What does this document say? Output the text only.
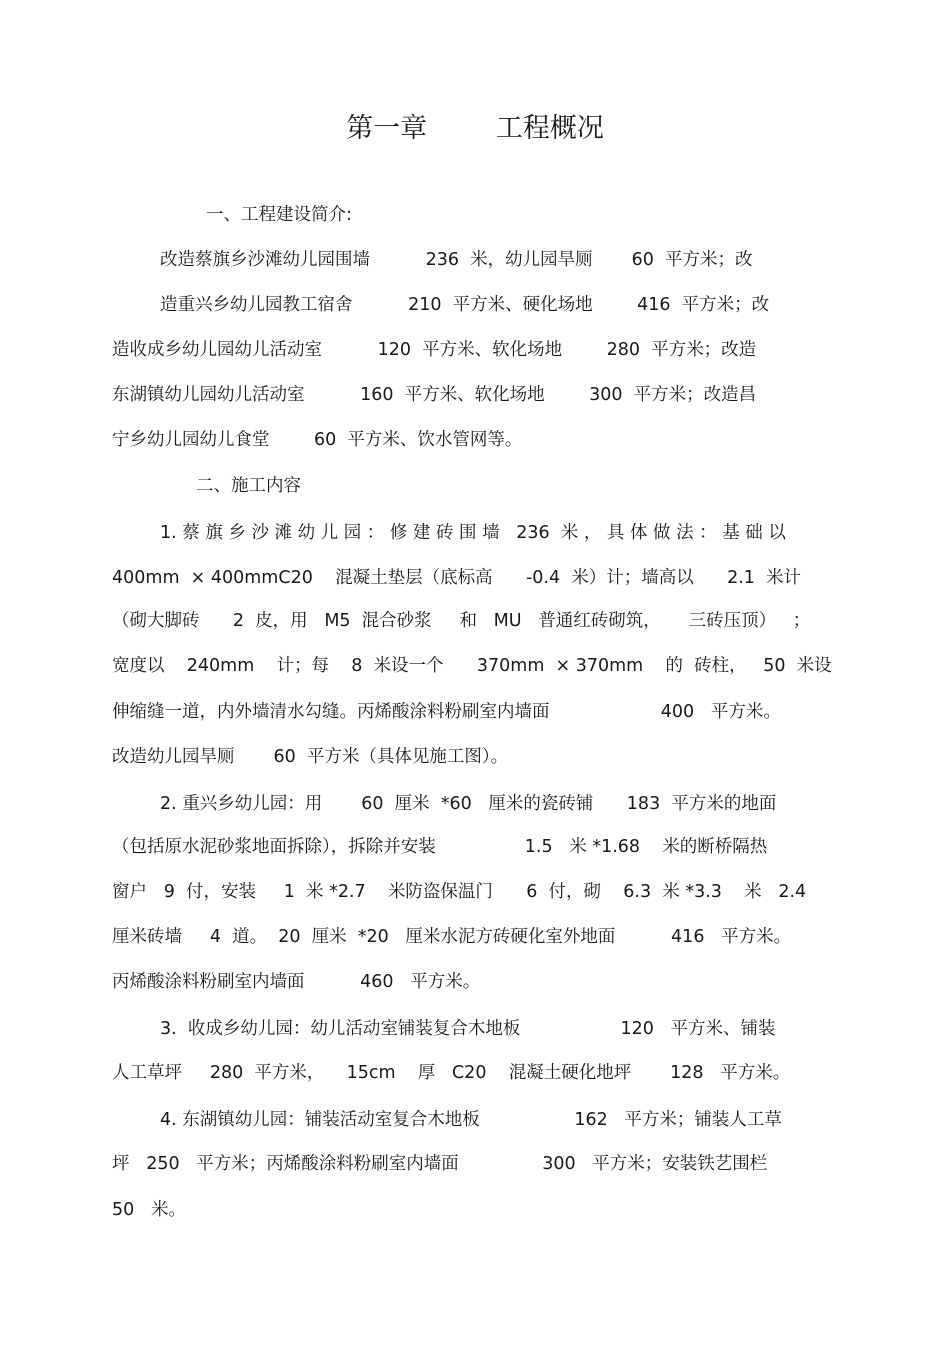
第一章        工程概况
一、工程建设简介:
改造蔡旗乡沙滩幼儿园围墙          236  米，幼儿园旱厕       60  平方米；改
造重兴乡幼儿园教工宿舍          210  平方米、硬化场地        416  平方米；改
造收成乡幼儿园幼儿活动室          120  平方米、软化场地        280  平方米；改造
东湖镇幼儿园幼儿活动室          160  平方米、软化场地        300  平方米；改造昌
宁乡幼儿园幼儿食堂        60  平方米、饮水管网等。
二、施工内容
1. 蔡 旗 乡 沙 滩 幼 儿 园 ： 修 建 砖 围 墙   236  米 ， 具 体 做 法 ： 基 础 以
400mm  × 400mmC20    混凝土垫层（底标高      -0.4  米）计；墙高以      2.1  米计
（砌大脚砖      2  皮，用   M5  混合砂浆     和   MU   普通红砖砌筑，     三砖压顶）   ；
宽度以    240mm    计；每    8  米设一个      370mm  × 370mm    的  砖柱，   50  米设
伸缩缝一道，内外墙清水勾缝。丙烯酸涂料粉刷室内墙面                    400   平方米。
改造幼儿园旱厕       60  平方米（具体见施工图）。
2. 重兴乡幼儿园：用       60  厘米  *60   厘米的瓷砖铺      183  平方米的地面
（包括原水泥砂浆地面拆除），拆除并安装                1.5   米 *1.68    米的断桥隔热
窗户   9  付，安装     1  米 *2.7    米防盗保温门      6  付，砌    6.3  米 *3.3    米   2.4
厘米砖墙     4  道。  20  厘米  *20   厘米水泥方砖硬化室外地面          416   平方米。
丙烯酸涂料粉刷室内墙面          460   平方米。
3.  收成乡幼儿园：幼儿活动室铺装复合木地板                  120   平方米、铺装
人工草坪     280  平方米，    15cm    厚   C20    混凝土硬化地坪       128   平方米。
4. 东湖镇幼儿园：铺装活动室复合木地板                 162   平方米；铺装人工草
坪   250   平方米；丙烯酸涂料粉刷室内墙面               300   平方米；安装铁艺围栏
50   米。
